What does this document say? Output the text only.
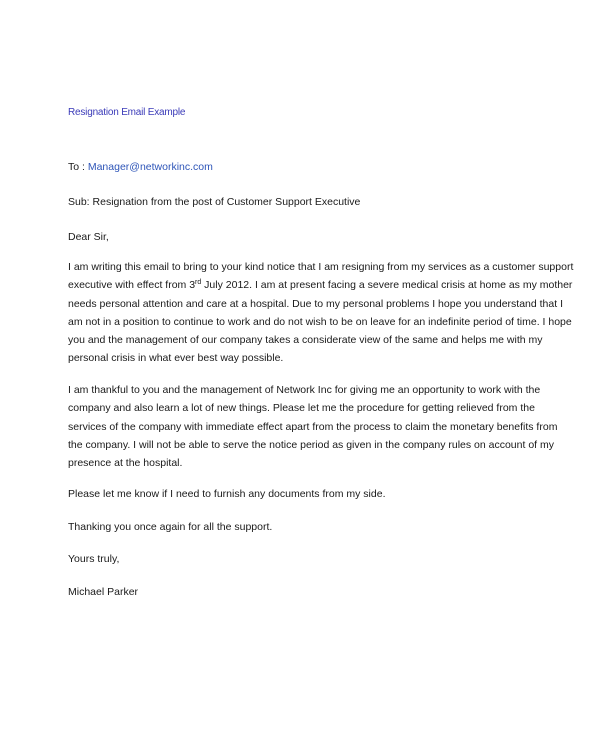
Resignation Email Example
To : Manager@networkinc.com
Sub: Resignation from the post of Customer Support Executive
Dear Sir,
I am writing this email to bring to your kind notice that I am resigning from my services as a customer support
executive with effect from 3rd July 2012. I am at present facing a severe medical crisis at home as my mother
needs personal attention and care at a hospital. Due to my personal problems I hope you understand that I
am not in a position to continue to work and do not wish to be on leave for an indefinite period of time. I hope
you and the management of our company takes a considerate view of the same and helps me with my
personal crisis in what ever best way possible.
I am thankful to you and the management of Network Inc for giving me an opportunity to work with the
company and also learn a lot of new things. Please let me the procedure for getting relieved from the
services of the company with immediate effect apart from the process to claim the monetary benefits from
the company. I will not be able to serve the notice period as given in the company rules on account of my
presence at the hospital.
Please let me know if I need to furnish any documents from my side.
Thanking you once again for all the support.
Yours truly,
Michael Parker
